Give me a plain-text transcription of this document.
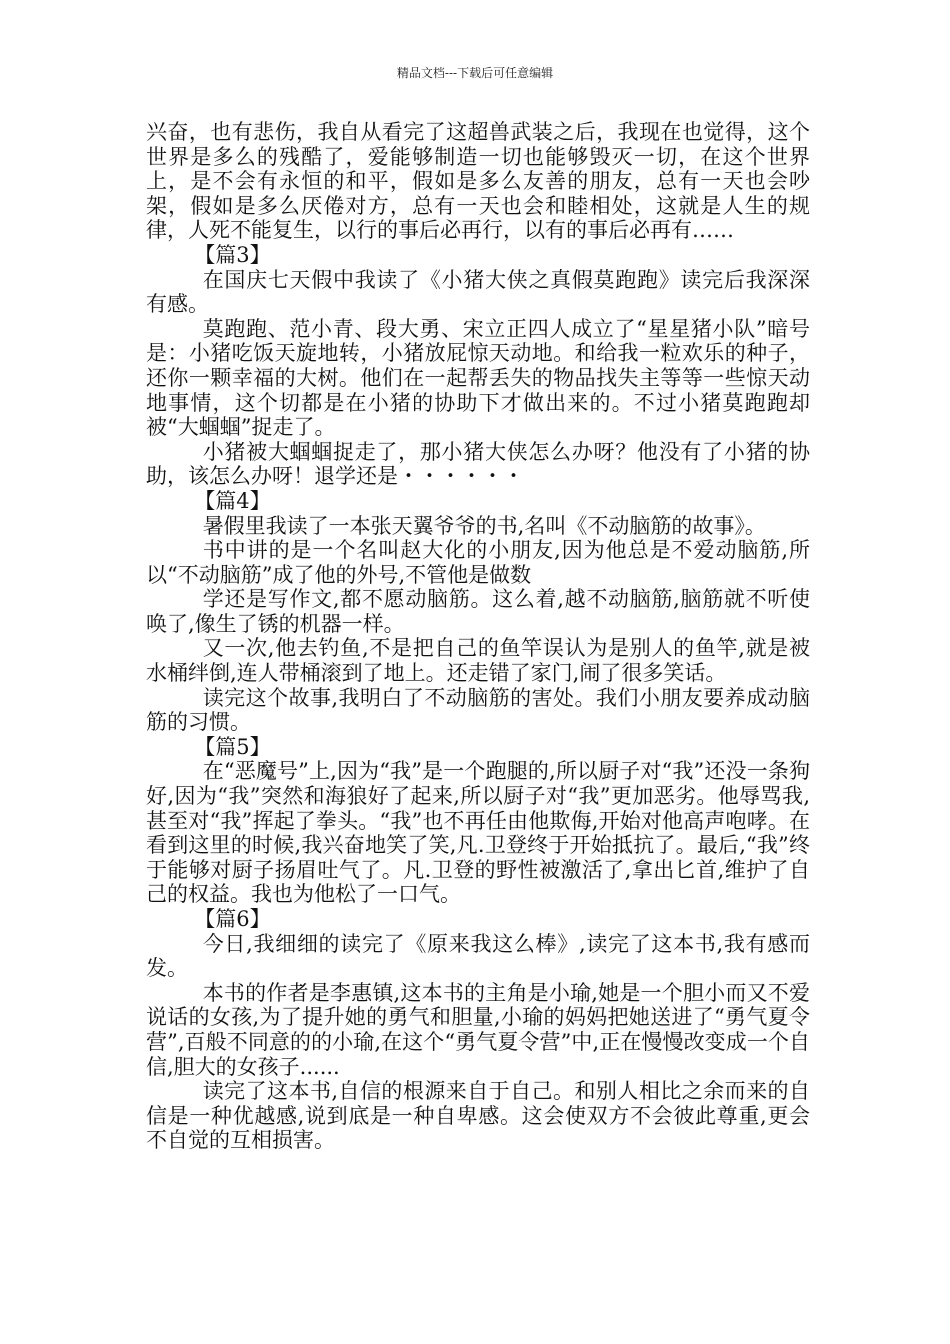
精品文档---下载后可任意编辑

兴奋，也有悲伤，我自从看完了这超兽武装之后，我现在也觉得，这个世界是多么的残酷了，爱能够制造一切也能够毁灭一切，在这个世界上，是不会有永恒的和平，假如是多么友善的朋友，总有一天也会吵架，假如是多么厌倦对方，总有一天也会和睦相处，这就是人生的规律，人死不能复生，以行的事后必再行，以有的事后必再有……

【篇3】

在国庆七天假中我读了《小猪大侠之真假莫跑跑》读完后我深深有感。

莫跑跑、范小青、段大勇、宋立正四人成立了“星星猪小队”暗号是：小猪吃饭天旋地转，小猪放屁惊天动地。和给我一粒欢乐的种子，还你一颗幸福的大树。他们在一起帮丢失的物品找失主等等一些惊天动地事情，这个切都是在小猪的协助下才做出来的。不过小猪莫跑跑却被“大蝈蝈”捉走了。

小猪被大蝈蝈捉走了，那小猪大侠怎么办呀？他没有了小猪的协助，该怎么办呀！退学还是・・・・・・

【篇4】

暑假里我读了一本张天翼爷爷的书,名叫《不动脑筋的故事》。

书中讲的是一个名叫赵大化的小朋友,因为他总是不爱动脑筋,所以“不动脑筋”成了他的外号,不管他是做数

学还是写作文,都不愿动脑筋。这么着,越不动脑筋,脑筋就不听使唤了,像生了锈的机器一样。

又一次,他去钓鱼,不是把自己的鱼竿误认为是别人的鱼竿,就是被水桶绊倒,连人带桶滚到了地上。还走错了家门,闹了很多笑话。

读完这个故事,我明白了不动脑筋的害处。我们小朋友要养成动脑筋的习惯。

【篇5】

在“恶魔号”上,因为“我”是一个跑腿的,所以厨子对“我”还没一条狗好,因为“我”突然和海狼好了起来,所以厨子对“我”更加恶劣。他辱骂我,甚至对“我”挥起了拳头。“我”也不再任由他欺侮,开始对他高声咆哮。在看到这里的时候,我兴奋地笑了笑,凡.卫登终于开始抵抗了。最后,“我”终于能够对厨子扬眉吐气了。凡.卫登的野性被激活了,拿出匕首,维护了自己的权益。我也为他松了一口气。

【篇6】

今日,我细细的读完了《原来我这么棒》,读完了这本书,我有感而发。

本书的作者是李惠镇,这本书的主角是小瑜,她是一个胆小而又不爱说话的女孩,为了提升她的勇气和胆量,小瑜的妈妈把她送进了“勇气夏令营”,百般不同意的的小瑜,在这个“勇气夏令营”中,正在慢慢改变成一个自信,胆大的女孩子......

读完了这本书,自信的根源来自于自己。和别人相比之余而来的自信是一种优越感,说到底是一种自卑感。这会使双方不会彼此尊重,更会不自觉的互相损害。
